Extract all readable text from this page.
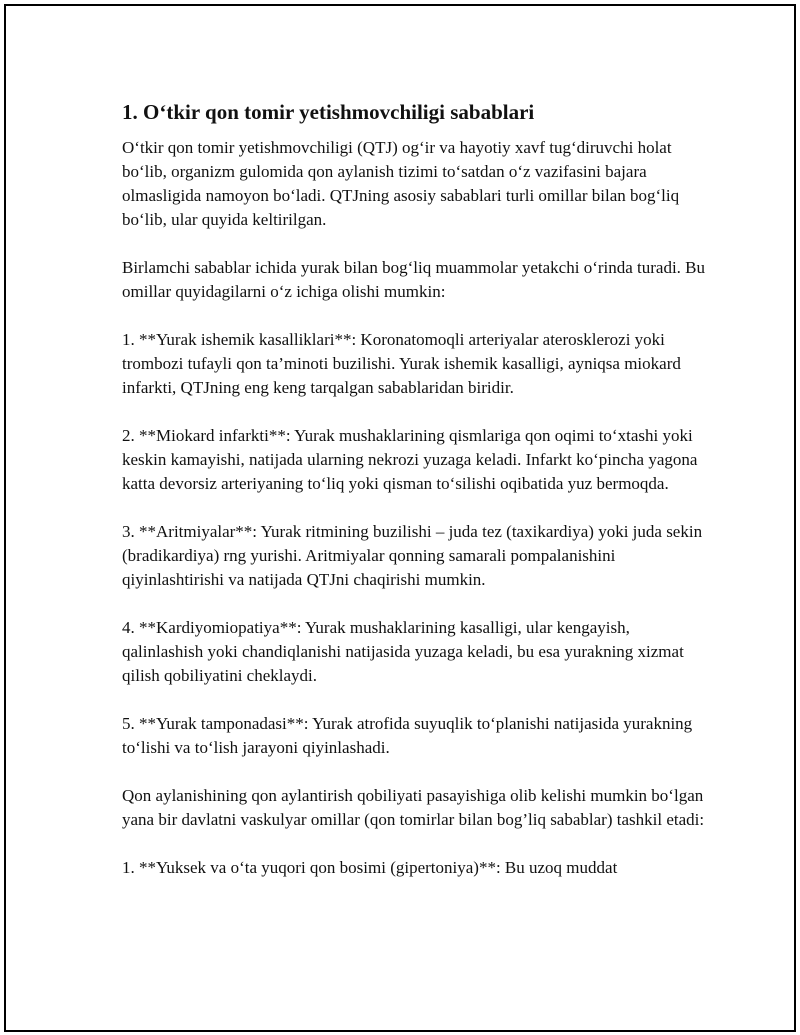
1. O‘tkir qon tomir yetishmovchiligi sabablari

O‘tkir qon tomir yetishmovchiligi (QTJ) og‘ir va hayotiy xavf tug‘diruvchi holat bo‘lib, organizm gulomida qon aylanish tizimi to‘satdan o‘z vazifasini bajara olmasligida namoyon bo‘ladi. QTJning asosiy sabablari turli omillar bilan bog‘liq bo‘lib, ular quyida keltirilgan.

Birlamchi sabablar ichida yurak bilan bog‘liq muammolar yetakchi o‘rinda turadi. Bu omillar quyidagilarni o‘z ichiga olishi mumkin:

1. **Yurak ishemik kasalliklari**: Koronatomoqli arteriyalar aterosklerozi yoki trombozi tufayli qon ta’minoti buzilishi. Yurak ishemik kasalligi, ayniqsa miokard infarkti, QTJning eng keng tarqalgan sabablaridan biridir.

2. **Miokard infarkti**: Yurak mushaklarining qismlariga qon oqimi to‘xtashi yoki keskin kamayishi, natijada ularning nekrozi yuzaga keladi. Infarkt ko‘pincha yagona katta devorsiz arteriyaning to‘liq yoki qisman to‘silishi oqibatida yuz bermoqda.

3. **Aritmiyalar**: Yurak ritmining buzilishi – juda tez (taxikardiya) yoki juda sekin (bradikardiya) rng yurishi. Aritmiyalar qonning samarali pompalanishini qiyinlashtirishi va natijada QTJni chaqirishi mumkin.

4. **Kardiyomiopatiya**: Yurak mushaklarining kasalligi, ular kengayish, qalinlashish yoki chandiqlanishi natijasida yuzaga keladi, bu esa yurakning xizmat qilish qobiliyatini cheklaydi.

5. **Yurak tamponadasi**: Yurak atrofida suyuqlik to‘planishi natijasida yurakning to‘lishi va to‘lish jarayoni qiyinlashadi.

Qon aylanishining qon aylantirish qobiliyati pasayishiga olib kelishi mumkin bo‘lgan yana bir davlatni vaskulyar omillar (qon tomirlar bilan bog’liq sabablar) tashkil etadi:

1. **Yuksek va o‘ta yuqori qon bosimi (gipertoniya)**: Bu uzoq muddat
